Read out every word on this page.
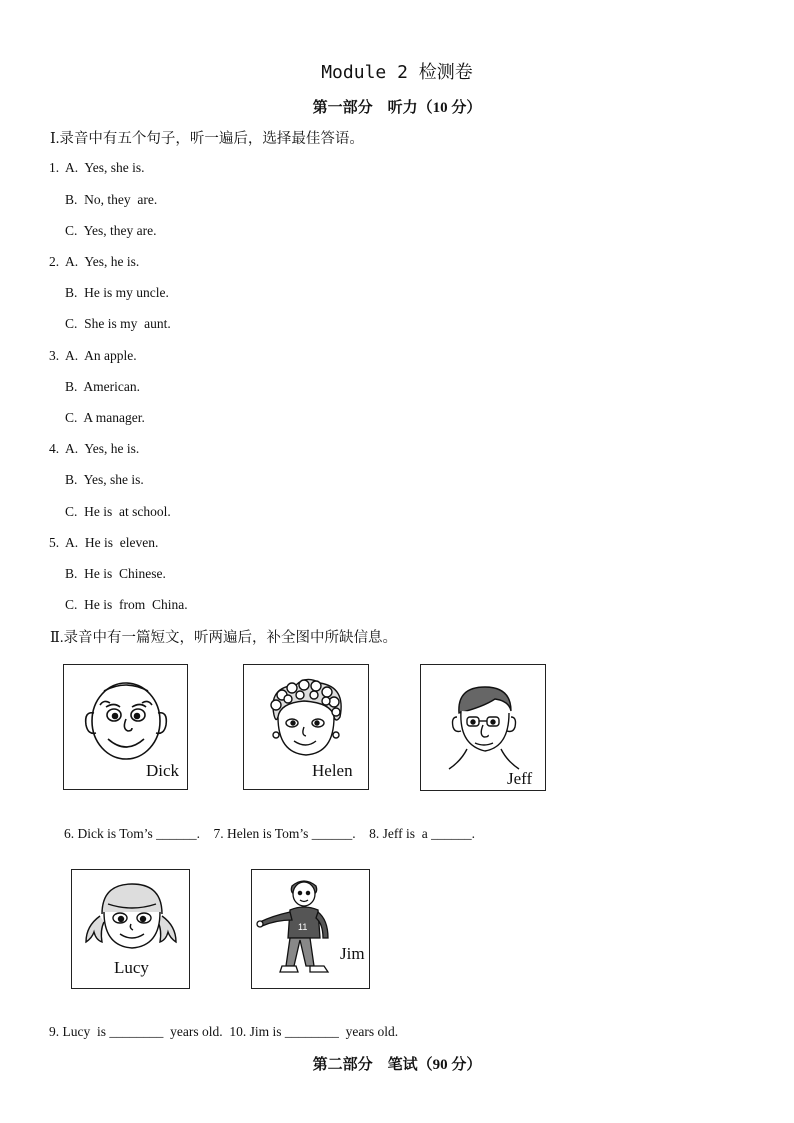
Module 2 检测卷
第一部分　听力（10 分）
Ⅰ.录音中有五个句子，听一遍后，选择最佳答语。
1. A.  Yes, she is.
B.  No, they  are.
C.  Yes, they are.
2. A.  Yes, he is.
B.  He is my uncle.
C.  She is my  aunt.
3. A.  An apple.
B.  American.
C.  A manager.
4. A.  Yes, he is.
B.  Yes, she is.
C.  He is  at school.
5. A.  He is  eleven.
B.  He is  Chinese.
C.  He is  from  China.
Ⅱ.录音中有一篇短文，听两遍后，补全图中所缺信息。
Dick	Helen	Jeff
6. Dick is Tom’s ______.    7. Helen is Tom’s ______.    8. Jeff is  a ______.
Lucy
11
Jim
9. Lucy  is ________  years old.  10. Jim is ________  years old.
第二部分　笔试（90 分）
